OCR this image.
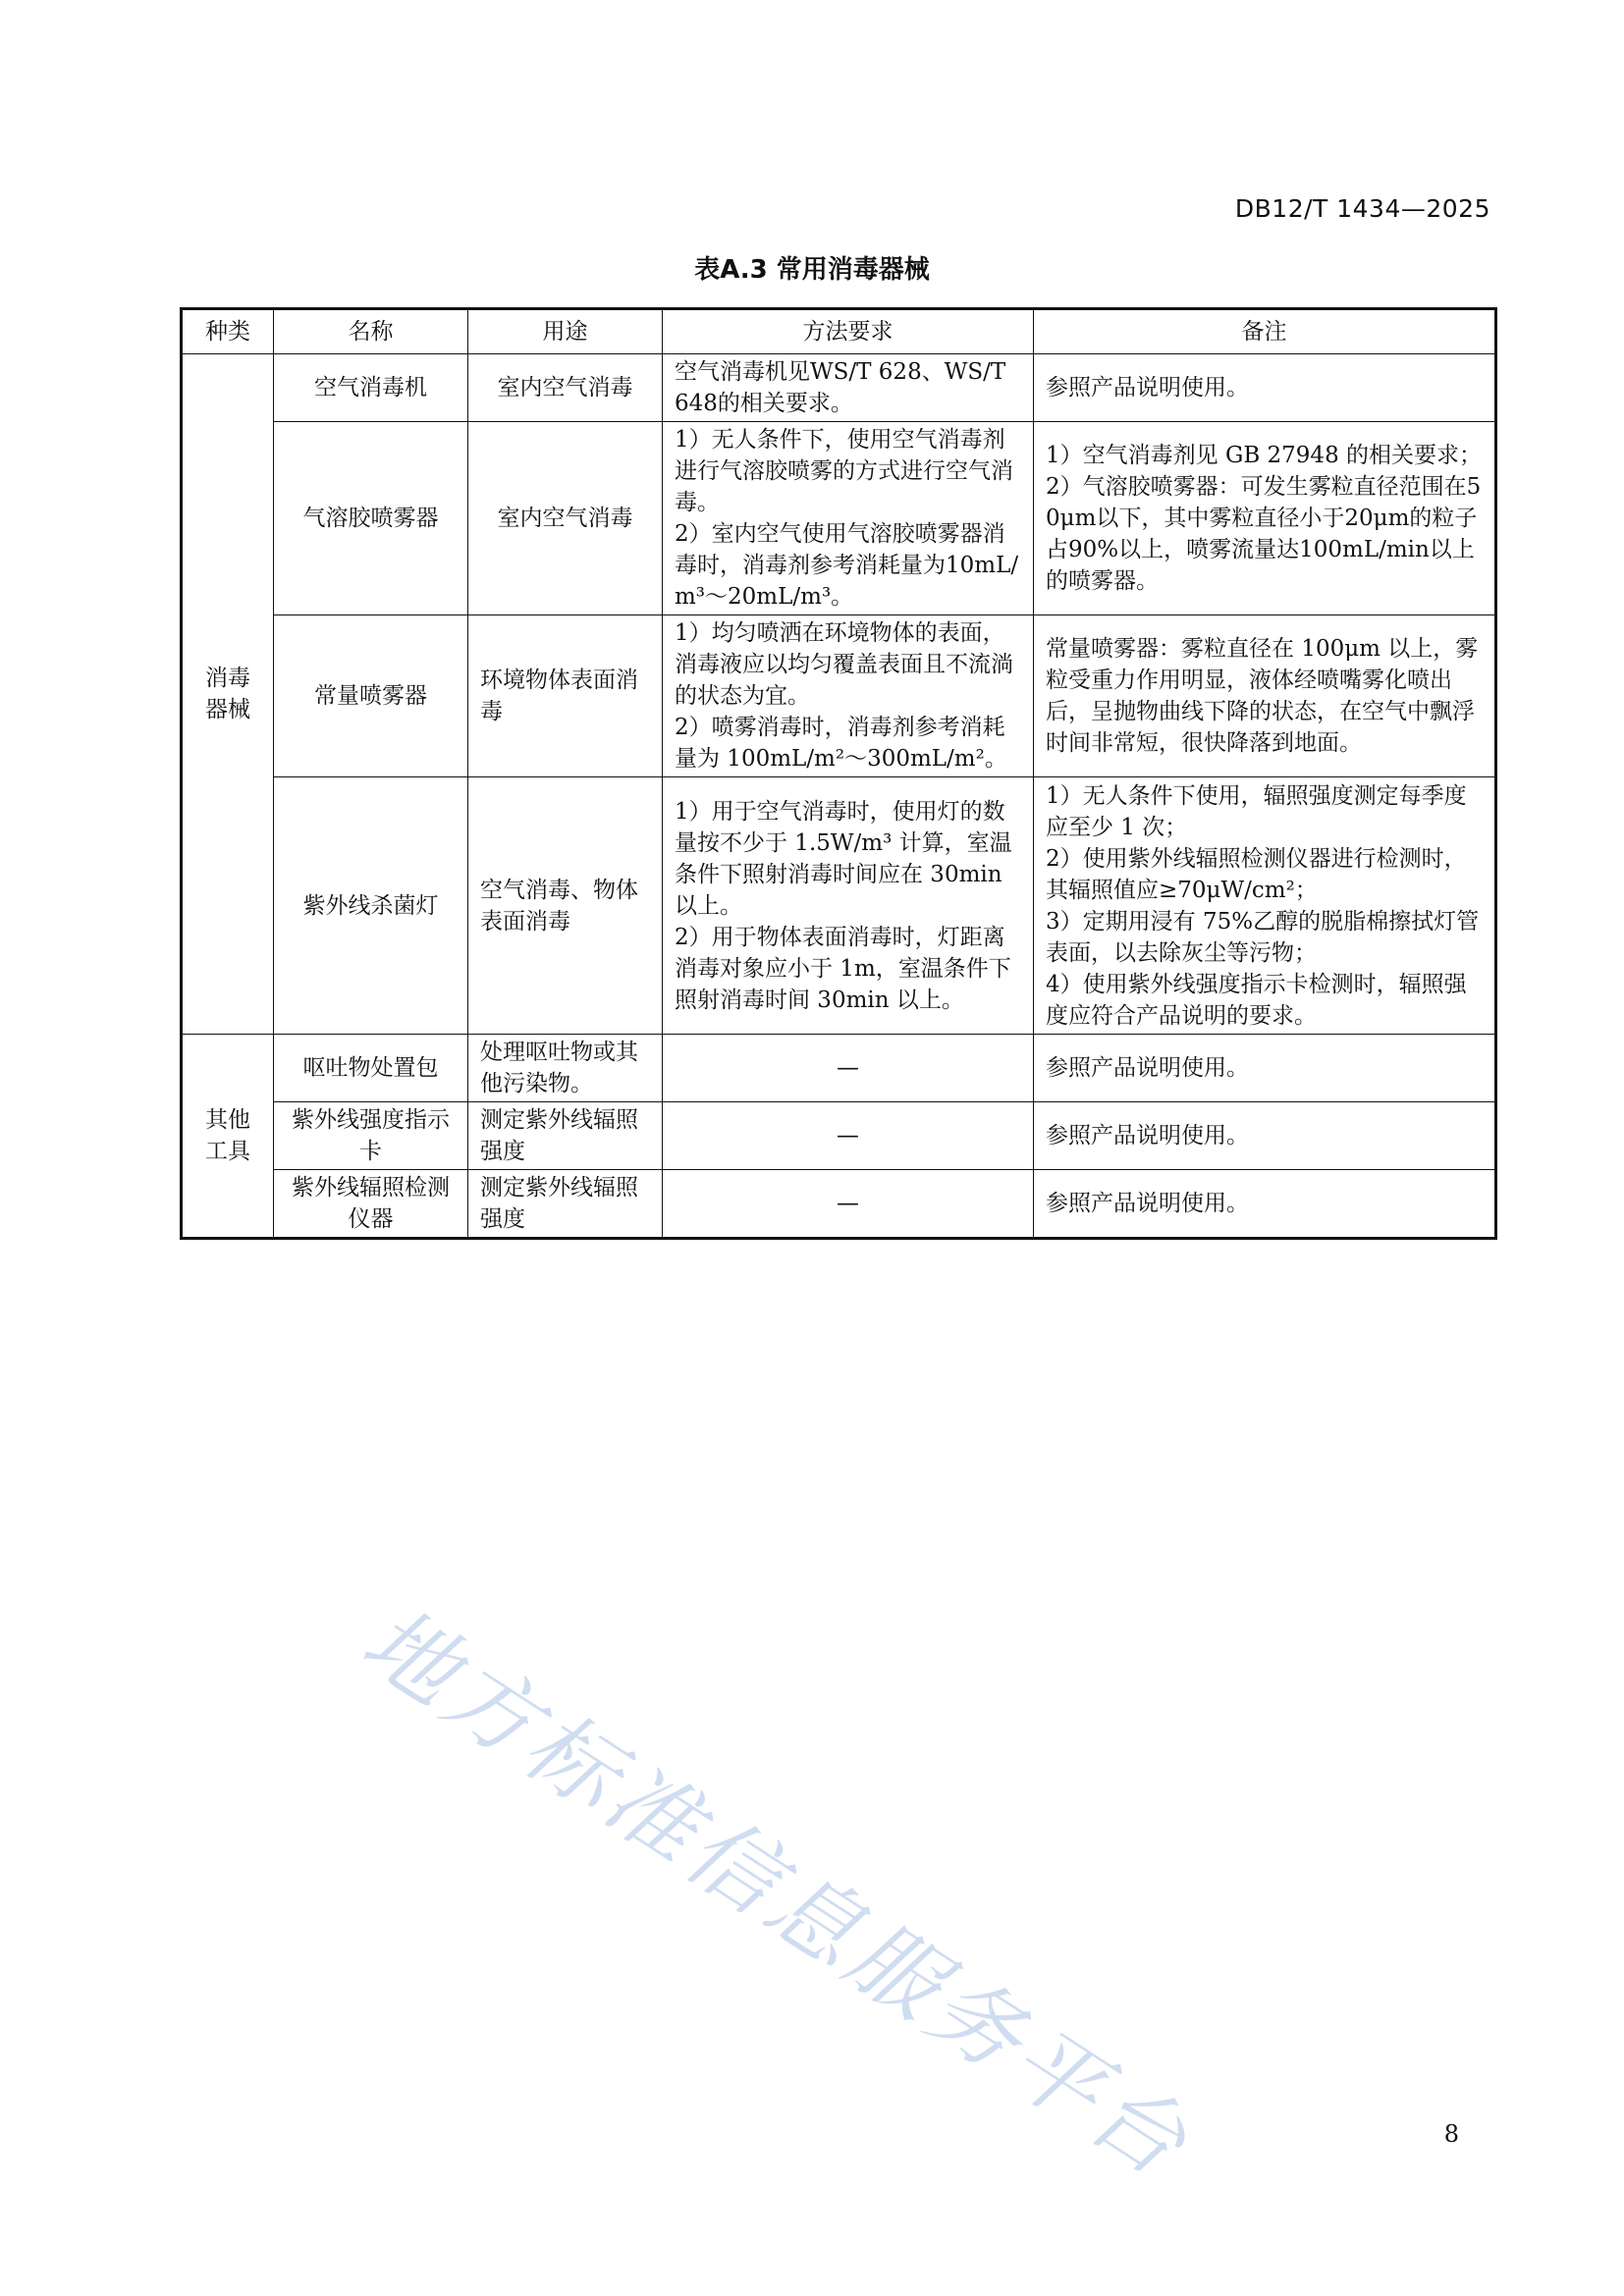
DB12/T 1434—2025
表A.3 常用消毒器械
种类	名称	用途	方法要求	备注
消毒器械	空气消毒机	室内空气消毒	空气消毒机见WS/T 628、WS/T 648的相关要求。	参照产品说明使用。

	气溶胶喷雾器	室内空气消毒	1）无人条件下，使用空气消毒剂进行气溶胶喷雾的方式进行空气消毒。
2）室内空气使用气溶胶喷雾器消毒时，消毒剂参考消耗量为10mL/m³～20mL/m³。	1）空气消毒剂见 GB 27948 的相关要求；
2）气溶胶喷雾器：可发生雾粒直径范围在50μm以下，其中雾粒直径小于20μm的粒子占90%以上，喷雾流量达100mL/min以上的喷雾器。

	常量喷雾器	环境物体表面消毒	1）均匀喷洒在环境物体的表面，消毒液应以均匀覆盖表面且不流淌的状态为宜。
2）喷雾消毒时，消毒剂参考消耗量为 100mL/m²～300mL/m²。	常量喷雾器：雾粒直径在 100μm 以上，雾粒受重力作用明显，液体经喷嘴雾化喷出后，呈抛物曲线下降的状态，在空气中飘浮时间非常短，很快降落到地面。

	紫外线杀菌灯	空气消毒、物体表面消毒	1）用于空气消毒时，使用灯的数量按不少于 1.5W/m³ 计算，室温条件下照射消毒时间应在 30min 以上。
2）用于物体表面消毒时，灯距离消毒对象应小于 1m，室温条件下照射消毒时间 30min 以上。	1）无人条件下使用，辐照强度测定每季度应至少 1 次；
2）使用紫外线辐照检测仪器进行检测时，其辐照值应≥70μW/cm²；
3）定期用浸有 75%乙醇的脱脂棉擦拭灯管表面，以去除灰尘等污物；
4）使用紫外线强度指示卡检测时，辐照强度应符合产品说明的要求。

其他工具	呕吐物处置包	处理呕吐物或其他污染物。	—	参照产品说明使用。
	紫外线强度指示卡	测定紫外线辐照强度	—	参照产品说明使用。
	紫外线辐照检测仪器	测定紫外线辐照强度	—	参照产品说明使用。
地方标准信息服务平台	8
